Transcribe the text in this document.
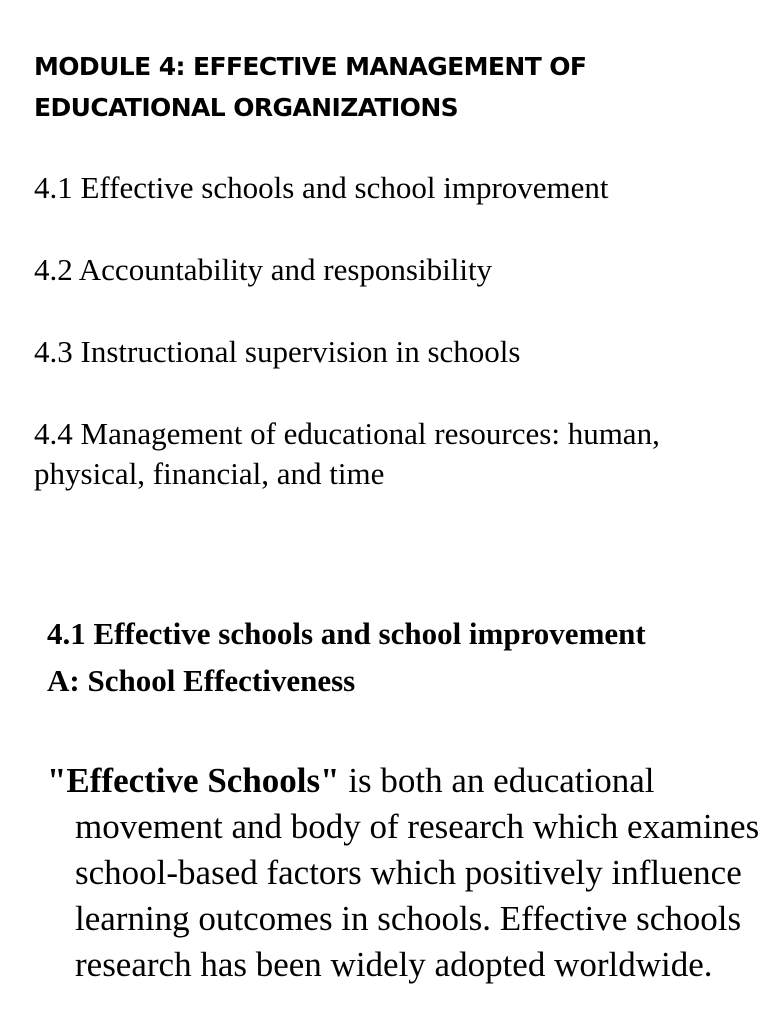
MODULE 4: EFFECTIVE MANAGEMENT OF EDUCATIONAL ORGANIZATIONS

4.1 Effective schools and school improvement

4.2 Accountability and responsibility

4.3 Instructional supervision in schools

4.4 Management of educational resources: human, physical, financial, and time

4.1 Effective schools and school improvement
A: School Effectiveness

"Effective Schools" is both an educational movement and body of research which examines school-based factors which positively influence learning outcomes in schools. Effective schools research has been widely adopted worldwide.
